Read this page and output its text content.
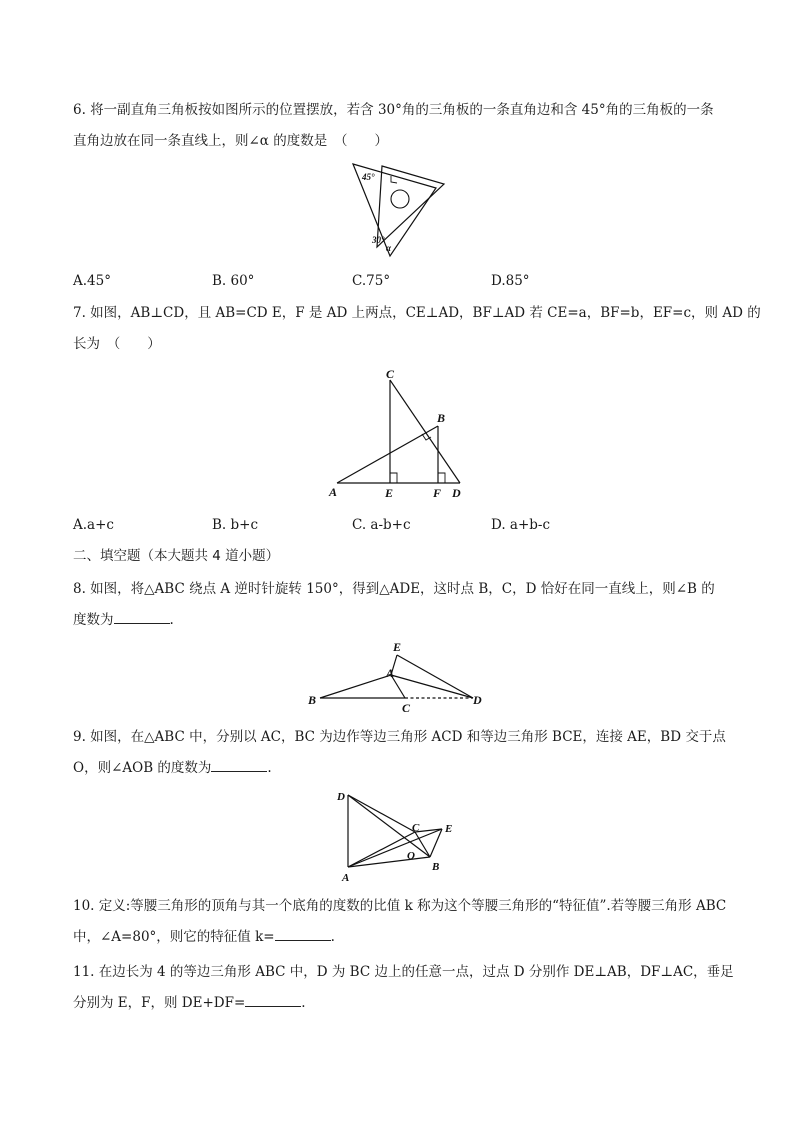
6. 将一副直角三角板按如图所示的位置摆放，若含 30°角的三角板的一条直角边和含 45°角的三角板的一条
直角边放在同一条直线上，则∠α 的度数是　（　　）
45°
30°
α
A.45°	B. 60°	C.75°	D.85°
7. 如图，AB⊥CD，且 AB=CD E，F 是 AD 上两点，CE⊥AD，BF⊥AD 若 CE=a，BF=b，EF=c，则 AD 的
长为　（　　）
C
B
A	E	F D
A.a+c	B. b+c	C. a-b+c	D. a+b-c
二、填空题（本大题共 4 道小题）
8. 如图，将△ABC 绕点 A 逆时针旋转 150°，得到△ADE，这时点 B，C，D 恰好在同一直线上，则∠B 的
度数为	.
E
A
B
C
D
9. 如图，在△ABC 中，分别以 AC，BC 为边作等边三角形 ACD 和等边三角形 BCE，连接 AE，BD 交于点
O，则∠AOB 的度数为	.
D
A
C E
O
B
10. 定义:等腰三角形的顶角与其一个底角的度数的比值 k 称为这个等腰三角形的“特征值”.若等腰三角形 ABC
中，∠A=80°，则它的特征值 k=	.
11. 在边长为 4 的等边三角形 ABC 中，D 为 BC 边上的任意一点，过点 D 分别作 DE⊥AB，DF⊥AC，垂足
分别为 E，F，则 DE+DF=	.
